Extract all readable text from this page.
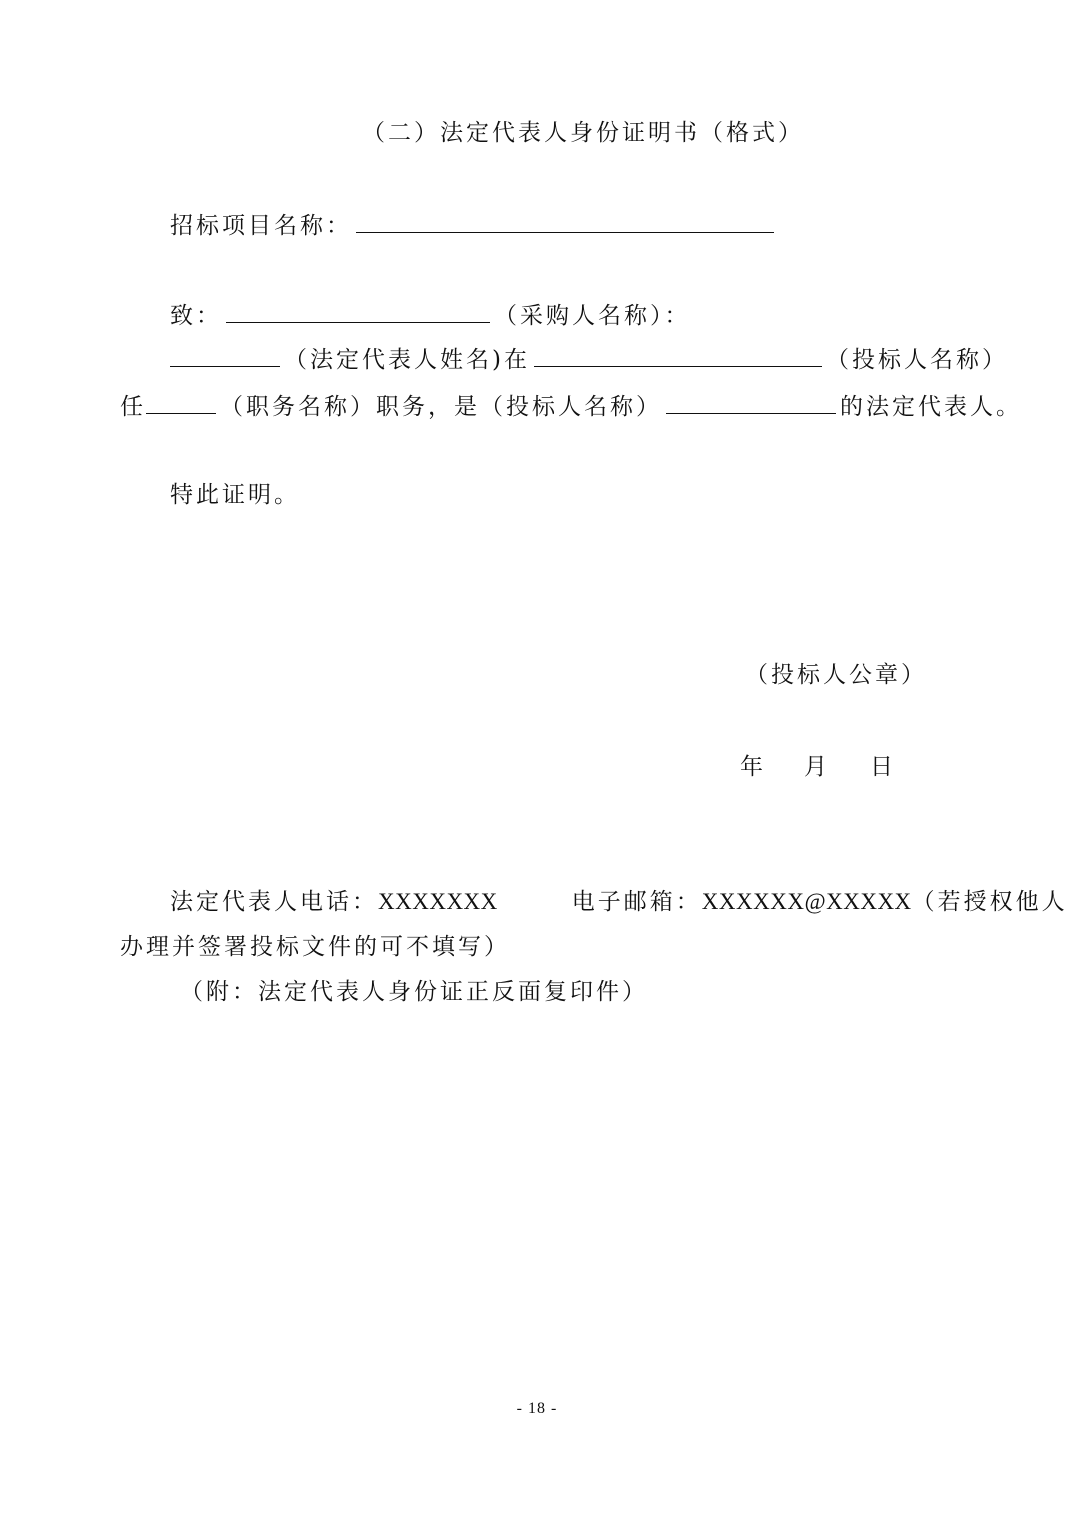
（二）法定代表人身份证明书（格式）
招标项目名称：
致：	（采购人名称）：
（法定代表人姓名)在	（投标人名称）
任	（职务名称）职务，是（投标人名称）	的法定代表人。
特此证明。
（投标人公章）
年 月 日
法定代表人电话：XXXXXXX	电子邮箱：XXXXXX@XXXXX（若授权他人
办理并签署投标文件的可不填写）
（附：法定代表人身份证正反面复印件）
- 18 -
